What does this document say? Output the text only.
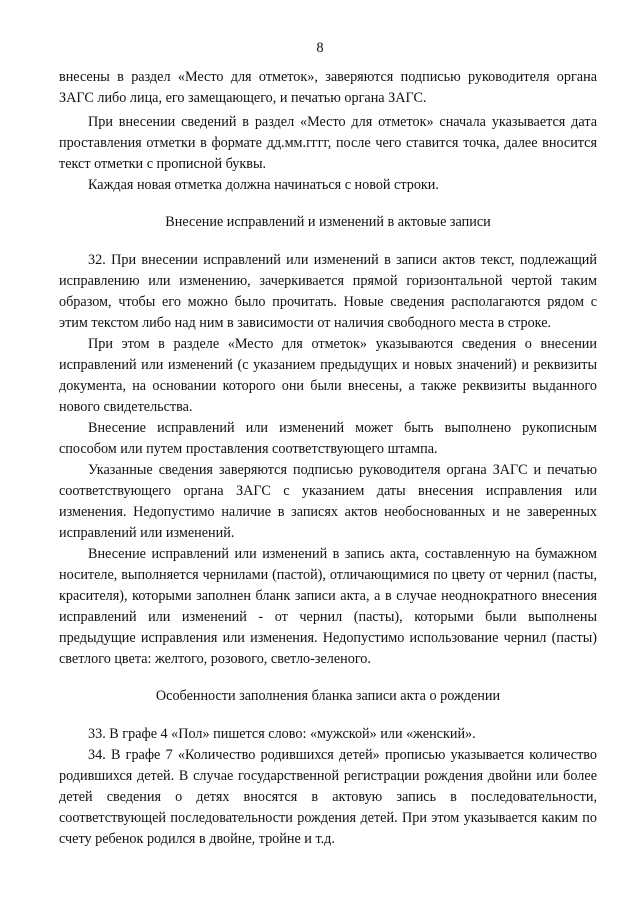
8

внесены в раздел «Место для отметок», заверяются подписью руководителя органа ЗАГС либо лица, его замещающего, и печатью органа ЗАГС.

При внесении сведений в раздел «Место для отметок» сначала указывается дата проставления отметки в формате дд.мм.гггг, после чего ставится точка, далее вносится текст отметки с прописной буквы.

Каждая новая отметка должна начинаться с новой строки.

Внесение исправлений и изменений в актовые записи

32. При внесении исправлений или изменений в записи актов текст, подлежащий исправлению или изменению, зачеркивается прямой горизонтальной чертой таким образом, чтобы его можно было прочитать. Новые сведения располагаются рядом с этим текстом либо над ним в зависимости от наличия свободного места в строке.

При этом в разделе «Место для отметок» указываются сведения о внесении исправлений или изменений (с указанием предыдущих и новых значений) и реквизиты документа, на основании которого они были внесены, а также реквизиты выданного нового свидетельства.

Внесение исправлений или изменений может быть выполнено рукописным способом или путем проставления соответствующего штампа.

Указанные сведения заверяются подписью руководителя органа ЗАГС и печатью соответствующего органа ЗАГС с указанием даты внесения исправления или изменения. Недопустимо наличие в записях актов необоснованных и не заверенных исправлений или изменений.

Внесение исправлений или изменений в запись акта, составленную на бумажном носителе, выполняется чернилами (пастой), отличающимися по цвету от чернил (пасты, красителя), которыми заполнен бланк записи акта, а в случае неоднократного внесения исправлений или изменений - от чернил (пасты), которыми были выполнены предыдущие исправления или изменения. Недопустимо использование чернил (пасты) светлого цвета: желтого, розового, светло-зеленого.

Особенности заполнения бланка записи акта о рождении

33. В графе 4 «Пол» пишется слово: «мужской» или «женский».

34. В графе 7 «Количество родившихся детей» прописью указывается количество родившихся детей. В случае государственной регистрации рождения двойни или более детей сведения о детях вносятся в актовую запись в последовательности, соответствующей последовательности рождения детей. При этом указывается каким по счету ребенок родился в двойне, тройне и т.д.
